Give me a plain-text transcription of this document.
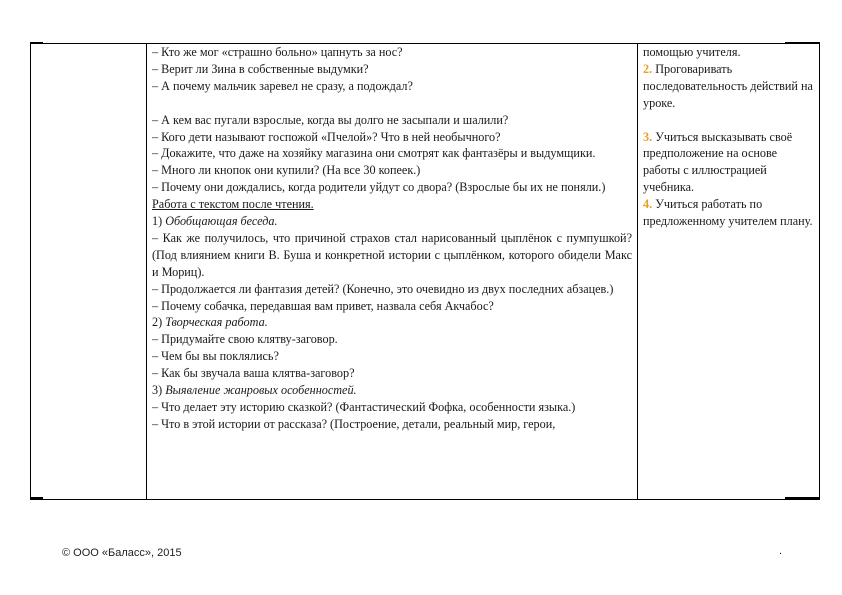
– Кто же мог «страшно больно» цапнуть за нос?
– Верит ли Зина в собственные выдумки?
– А почему мальчик заревел не сразу, а подождал?
– А кем вас пугали взрослые, когда вы долго не засыпали и шалили?
– Кого дети называют госпожой «Пчелой»? Что в ней необычного?
– Докажите, что даже на хозяйку магазина они смотрят как фантазёры и выдумщики.
– Много ли кнопок они купили? (На все 30 копеек.)
– Почему они дождались, когда родители уйдут со двора? (Взрослые бы их не поняли.)
Работа с текстом после чтения.
1) Обобщающая беседа.
– Как же получилось, что причиной страхов стал нарисованный цыплёнок с пумпушкой? (Под влиянием книги В. Буша и конкретной истории с цыплёнком, которого обидели Макс и Мориц).
– Продолжается ли фантазия детей? (Конечно, это очевидно из двух последних абзацев.)
– Почему собачка, передавшая вам привет, назвала себя Акчабос?
2) Творческая работа.
– Придумайте свою клятву-заговор.
– Чем бы вы поклялись?
– Как бы звучала ваша клятва-заговор?
3) Выявление жанровых особенностей.
– Что делает эту историю сказкой? (Фантастический Фофка, особенности языка.)
– Что в этой истории от рассказа? (Построение, детали, реальный мир, герои,
помощью учителя.
2. Проговаривать последовательность действий на уроке.
3. Учиться высказывать своё предположение на основе работы с иллюстрацией учебника.
4. Учиться работать по предложенному учителем плану.
© ООО «Баласс», 2015	.
